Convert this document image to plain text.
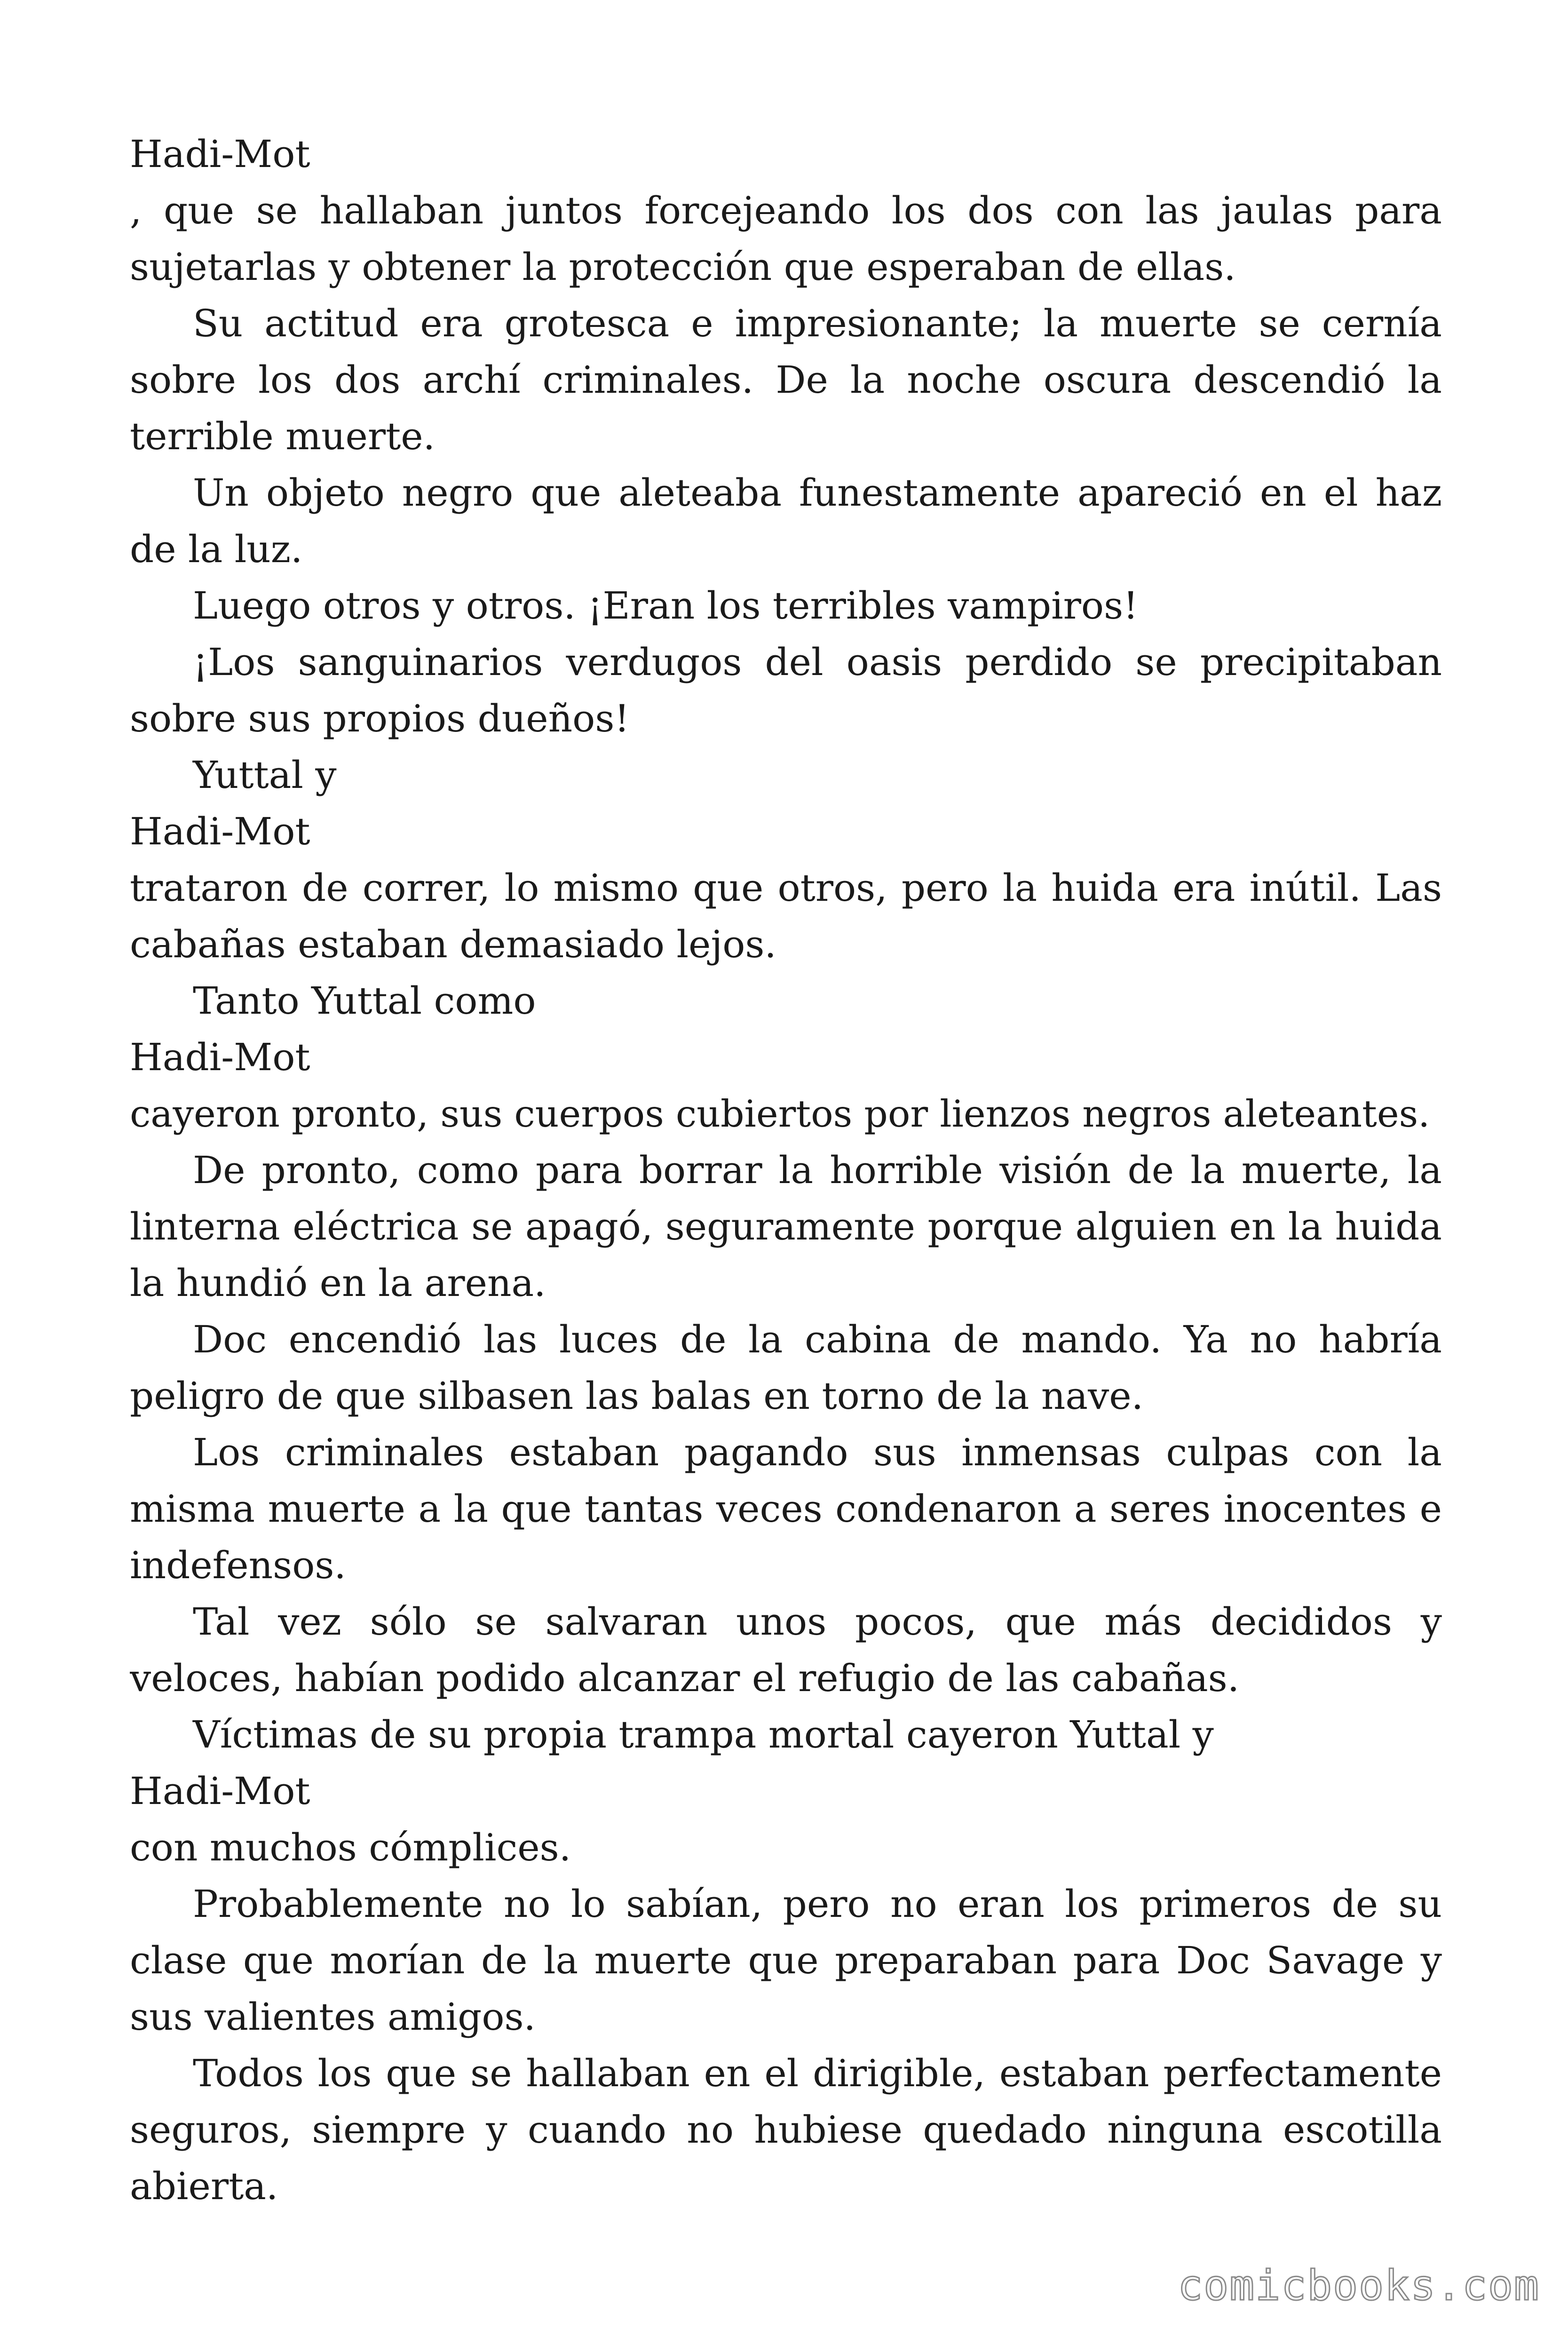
Hadi-Mot
, que se hallaban juntos forcejeando los dos con las jaulas para
sujetarlas y obtener la protección que esperaban de ellas.
Su actitud era grotesca e impresionante; la muerte se cernía
sobre los dos archí criminales. De la noche oscura descendió la
terrible muerte.
Un objeto negro que aleteaba funestamente apareció en el haz
de la luz.
Luego otros y otros. ¡Eran los terribles vampiros!
¡Los sanguinarios verdugos del oasis perdido se precipitaban
sobre sus propios dueños!
Yuttal y
Hadi-Mot
trataron de correr, lo mismo que otros, pero la huida era inútil. Las
cabañas estaban demasiado lejos.
Tanto Yuttal como
Hadi-Mot
cayeron pronto, sus cuerpos cubiertos por lienzos negros aleteantes.
De pronto, como para borrar la horrible visión de la muerte, la
linterna eléctrica se apagó, seguramente porque alguien en la huida
la hundió en la arena.
Doc encendió las luces de la cabina de mando. Ya no habría
peligro de que silbasen las balas en torno de la nave.
Los criminales estaban pagando sus inmensas culpas con la
misma muerte a la que tantas veces condenaron a seres inocentes e
indefensos.
Tal vez sólo se salvaran unos pocos, que más decididos y
veloces, habían podido alcanzar el refugio de las cabañas.
Víctimas de su propia trampa mortal cayeron Yuttal y
Hadi-Mot
con muchos cómplices.
Probablemente no lo sabían, pero no eran los primeros de su
clase que morían de la muerte que preparaban para Doc Savage y
sus valientes amigos.
Todos los que se hallaban en el dirigible, estaban perfectamente
seguros, siempre y cuando no hubiese quedado ninguna escotilla
abierta.
comicbooks.com
